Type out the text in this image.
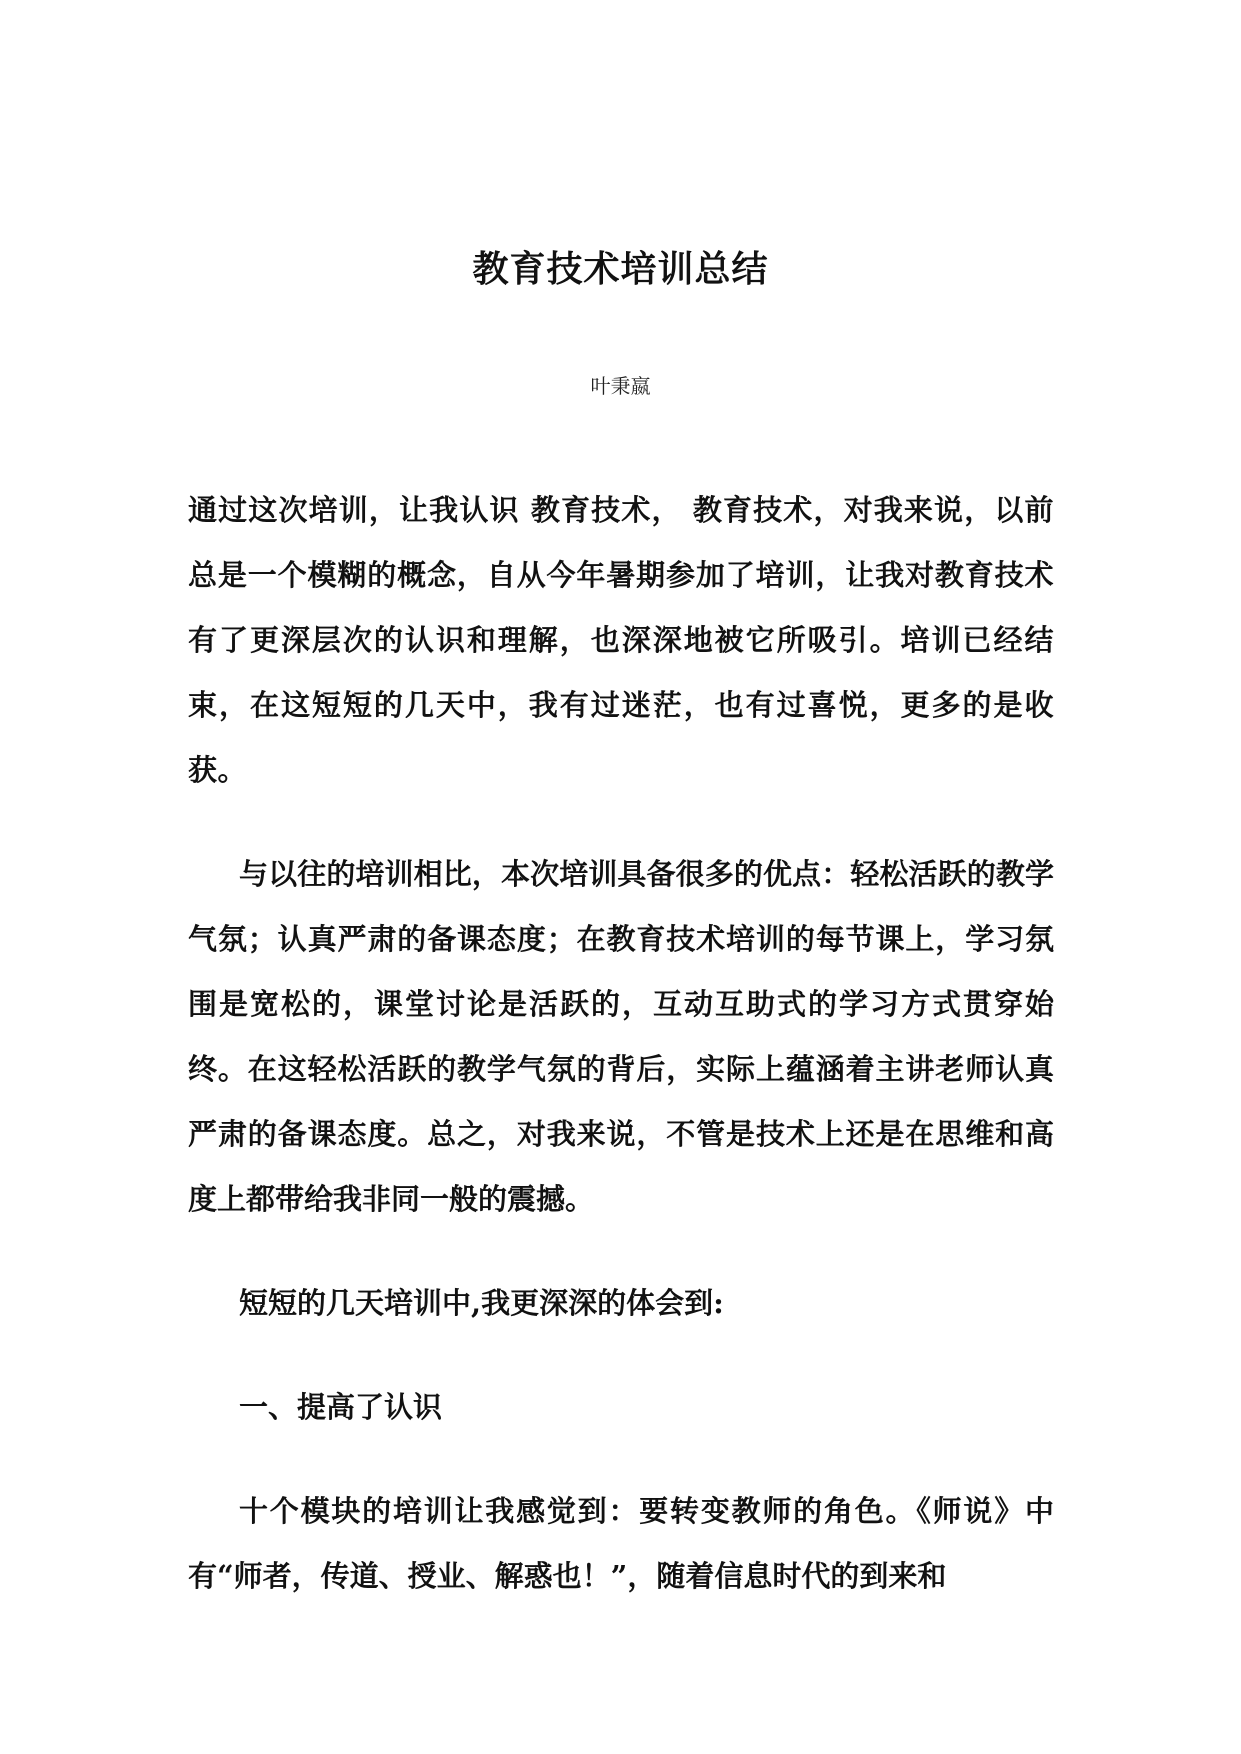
教育技术培训总结
叶秉嬴

通过这次培训，让我认识 教育技术， 教育技术，对我来说，以前总是一个模糊的概念，自从今年暑期参加了培训，让我对教育技术有了更深层次的认识和理解，也深深地被它所吸引。培训已经结束，在这短短的几天中，我有过迷茫，也有过喜悦，更多的是收获。

与以往的培训相比，本次培训具备很多的优点：轻松活跃的教学气氛；认真严肃的备课态度；在教育技术培训的每节课上，学习氛围是宽松的，课堂讨论是活跃的，互动互助式的学习方式贯穿始终。在这轻松活跃的教学气氛的背后，实际上蕴涵着主讲老师认真严肃的备课态度。总之，对我来说，不管是技术上还是在思维和高度上都带给我非同一般的震撼。

短短的几天培训中,我更深深的体会到:

一、提高了认识

十个模块的培训让我感觉到：要转变教师的角色。《师说》中有“师者，传道、授业、解惑也！”，随着信息时代的到来和
